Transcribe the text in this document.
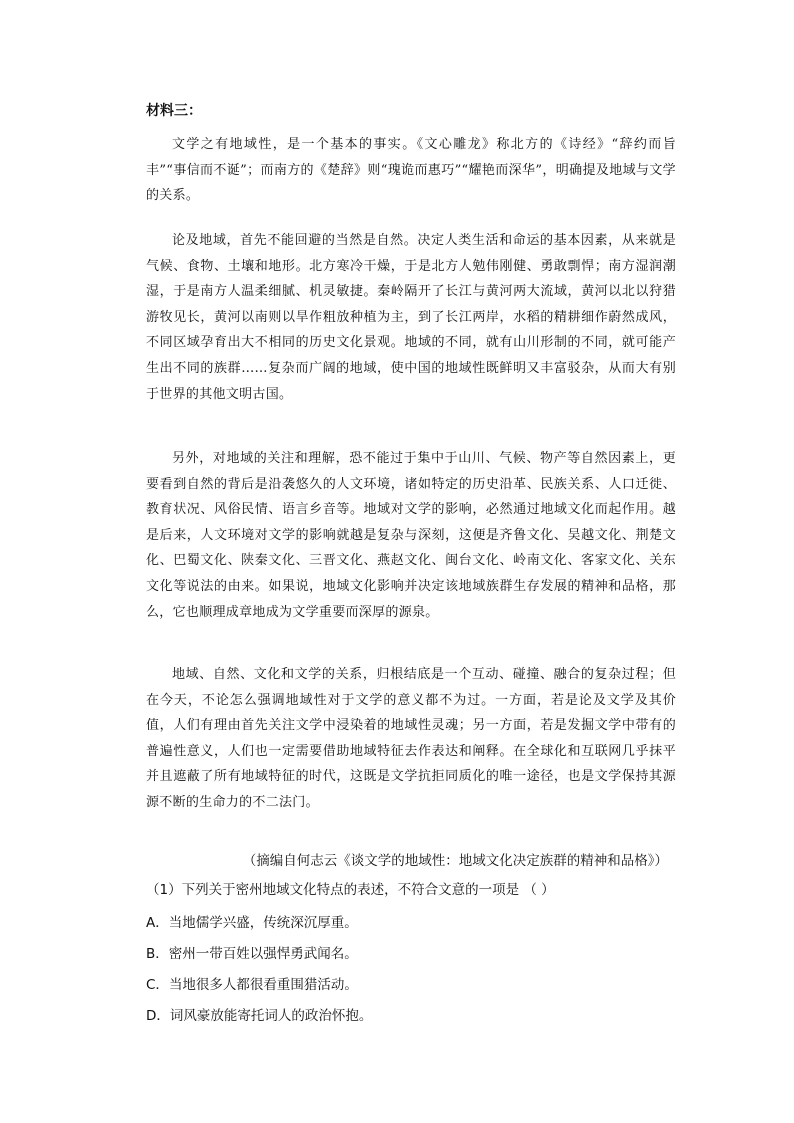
材料三：

文学之有地域性，是一个基本的事实。《文心雕龙》称北方的《诗经》“辞约而旨丰”“事信而不诞”；而南方的《楚辞》则“瑰诡而惠巧”“耀艳而深华”，明确提及地域与文学的关系。

论及地域，首先不能回避的当然是自然。决定人类生活和命运的基本因素，从来就是气候、食物、土壤和地形。北方寒冷干燥，于是北方人勉伟刚健、勇敢剽悍；南方湿润潮湿，于是南方人温柔细腻、机灵敏捷。秦岭隔开了长江与黄河两大流域，黄河以北以狩猎游牧见长，黄河以南则以旱作粗放种植为主，到了长江两岸，水稻的精耕细作蔚然成风，不同区域孕育出大不相同的历史文化景观。地域的不同，就有山川形制的不同，就可能产生出不同的族群……复杂而广阔的地域，使中国的地域性既鲜明又丰富驳杂，从而大有别于世界的其他文明古国。

另外，对地域的关注和理解，恐不能过于集中于山川、气候、物产等自然因素上，更要看到自然的背后是沿袭悠久的人文环境，诸如特定的历史沿革、民族关系、人口迁徙、教育状况、风俗民情、语言乡音等。地域对文学的影响，必然通过地域文化而起作用。越是后来，人文环境对文学的影响就越是复杂与深刻，这便是齐鲁文化、吴越文化、荆楚文化、巴蜀文化、陕秦文化、三晋文化、燕赵文化、闽台文化、岭南文化、客家文化、关东文化等说法的由来。如果说，地域文化影响并决定该地域族群生存发展的精神和品格，那么，它也顺理成章地成为文学重要而深厚的源泉。

地域、自然、文化和文学的关系，归根结底是一个互动、碰撞、融合的复杂过程；但在今天，不论怎么强调地域性对于文学的意义都不为过。一方面，若是论及文学及其价值，人们有理由首先关注文学中浸染着的地域性灵魂；另一方面，若是发掘文学中带有的普遍性意义，人们也一定需要借助地域特征去作表达和阐释。在全球化和互联网几乎抹平并且遮蔽了所有地域特征的时代，这既是文学抗拒同质化的唯一途径，也是文学保持其源源不断的生命力的不二法门。

（摘编自何志云《谈文学的地域性：地域文化决定族群的精神和品格》）

（1）下列关于密州地域文化特点的表述，不符合文意的一项是 （ ）

A．当地儒学兴盛，传统深沉厚重。

B．密州一带百姓以强悍勇武闻名。

C．当地很多人都很看重围猎活动。

D．词风豪放能寄托词人的政治怀抱。
